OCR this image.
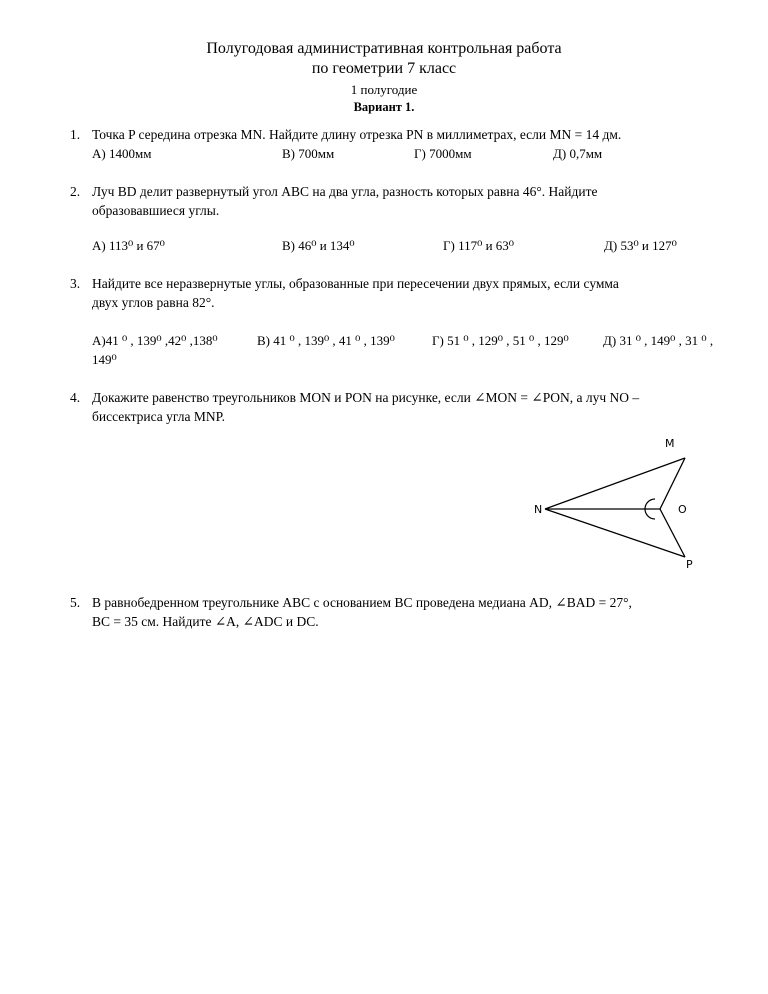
Полугодовая административная контрольная работа
по геометрии 7 класс
1 полугодие
Вариант 1.
1. Точка P середина отрезка MN. Найдите длину отрезка PN в миллиметрах, если MN = 14 дм.
А) 1400мм	В) 700мм	Г) 7000мм	Д) 0,7мм
2. Луч BD делит развернутый угол АВС на два угла, разность которых равна 46°. Найдите
образовавшиеся углы.
А) 113⁰ и 67⁰	В) 46⁰ и 134⁰	Г) 117⁰ и 63⁰	Д) 53⁰ и 127⁰
3. Найдите все неразвернутые углы, образованные при пересечении двух прямых, если сумма
двух углов равна 82°.
А)41 ⁰ , 139⁰ ,42⁰ ,138⁰	В) 41 ⁰ , 139⁰ , 41 ⁰ , 139⁰	Г) 51 ⁰ , 129⁰ , 51 ⁰ , 129⁰	Д) 31 ⁰ , 149⁰ , 31 ⁰ ,
149⁰
4. Докажите равенство треугольников MON и PON на рисунке, если ∠MON = ∠PON, а луч NO –
биссектриса угла MNP.
M
N	O
P
5. В равнобедренном треугольнике ABC с основанием BC проведена медиана AD, ∠BAD = 27°,
BC = 35 см. Найдите ∠A, ∠ADC и DC.
